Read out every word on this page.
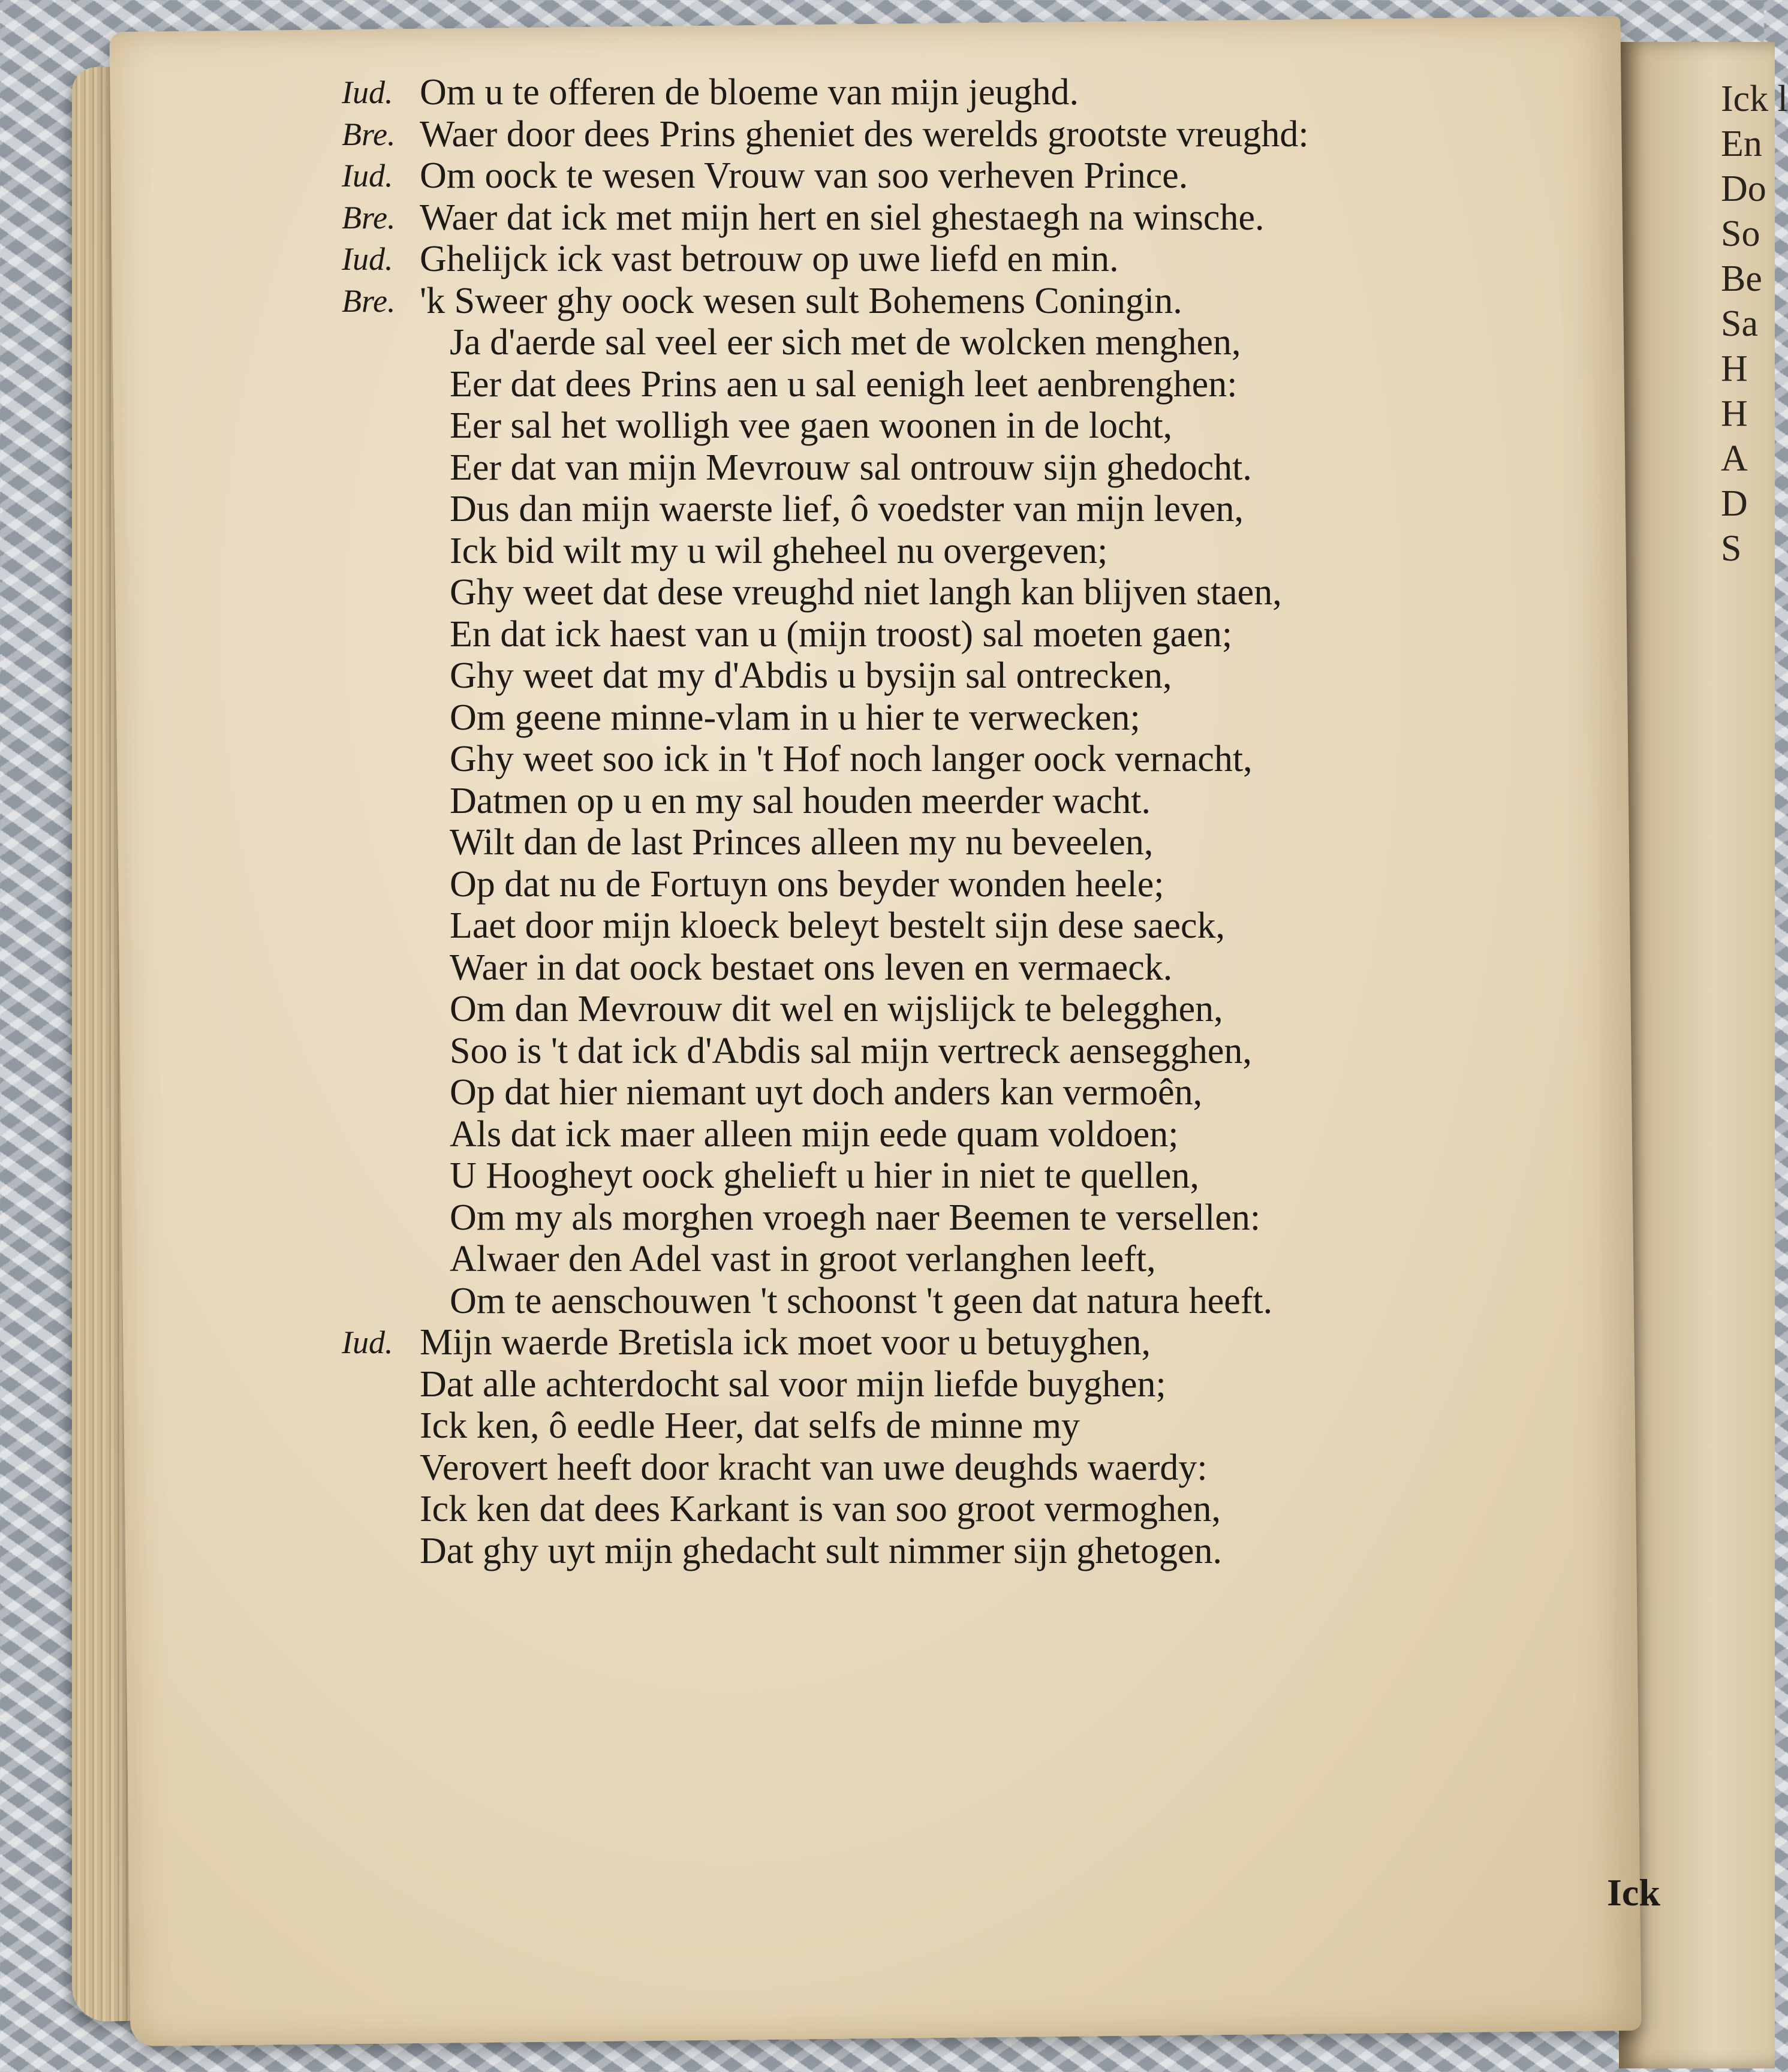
Ick l
En
Do
So
Be
Sa
H
H
A
D
S
Iud. Om u te offeren de bloeme van mijn jeughd.
Bre. Waer door dees Prins gheniet des werelds grootste vreughd:
Iud. Om oock te wesen Vrouw van soo verheven Prince.
Bre. Waer dat ick met mijn hert en siel ghestaegh na winsche.
Iud. Ghelijck ick vast betrouw op uwe liefd en min.
Bre. 'k Sweer ghy oock wesen sult Bohemens Coningin.
Ja d'aerde sal veel eer sich met de wolcken menghen,
Eer dat dees Prins aen u sal eenigh leet aenbrenghen:
Eer sal het wolligh vee gaen woonen in de locht,
Eer dat van mijn Mevrouw sal ontrouw sijn ghedocht.
Dus dan mijn waerste lief, ô voedster van mijn leven,
Ick bid wilt my u wil gheheel nu overgeven;
Ghy weet dat dese vreughd niet langh kan blijven staen,
En dat ick haest van u (mijn troost) sal moeten gaen;
Ghy weet dat my d'Abdis u bysijn sal ontrecken,
Om geene minne-vlam in u hier te verwecken;
Ghy weet soo ick in 't Hof noch langer oock vernacht,
Datmen op u en my sal houden meerder wacht.
Wilt dan de last Princes alleen my nu beveelen,
Op dat nu de Fortuyn ons beyder wonden heele;
Laet door mijn kloeck beleyt bestelt sijn dese saeck,
Waer in dat oock bestaet ons leven en vermaeck.
Om dan Mevrouw dit wel en wijslijck te belegghen,
Soo is 't dat ick d'Abdis sal mijn vertreck aensegghen,
Op dat hier niemant uyt doch anders kan vermoên,
Als dat ick maer alleen mijn eede quam voldoen;
U Hoogheyt oock ghelieft u hier in niet te quellen,
Om my als morghen vroegh naer Beemen te versellen:
Alwaer den Adel vast in groot verlanghen leeft,
Om te aenschouwen 't schoonst 't geen dat natura heeft.
Iud. Mijn waerde Bretisla ick moet voor u betuyghen,
Dat alle achterdocht sal voor mijn liefde buyghen;
Ick ken, ô eedle Heer, dat selfs de minne my
Verovert heeft door kracht van uwe deughds waerdy:
Ick ken dat dees Karkant is van soo groot vermoghen,
Dat ghy uyt mijn ghedacht sult nimmer sijn ghetogen.
Ick
